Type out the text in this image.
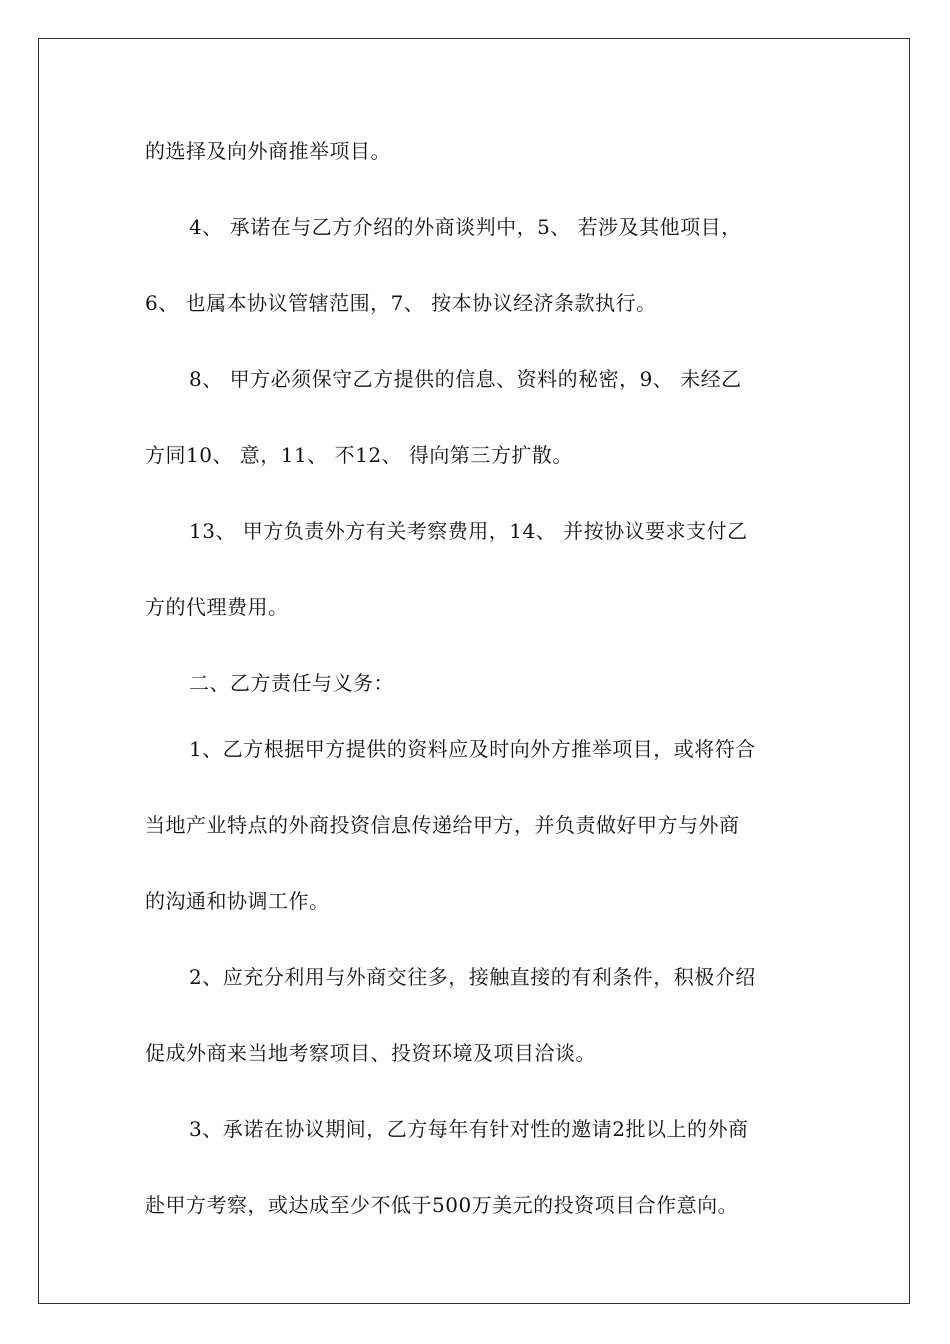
的选择及向外商推举项目。
4、 承诺在与乙方介绍的外商谈判中，5、 若涉及其他项目，
6、 也属本协议管辖范围，7、 按本协议经济条款执行。
8、 甲方必须保守乙方提供的信息、资料的秘密，9、 未经乙
方同10、 意，11、 不12、 得向第三方扩散。
13、 甲方负责外方有关考察费用，14、 并按协议要求支付乙
方的代理费用。
二、乙方责任与义务：
1、乙方根据甲方提供的资料应及时向外方推举项目，或将符合
当地产业特点的外商投资信息传递给甲方，并负责做好甲方与外商
的沟通和协调工作。
2、应充分利用与外商交往多，接触直接的有利条件，积极介绍
促成外商来当地考察项目、投资环境及项目洽谈。
3、承诺在协议期间，乙方每年有针对性的邀请2批以上的外商
赴甲方考察，或达成至少不低于500万美元的投资项目合作意向。
